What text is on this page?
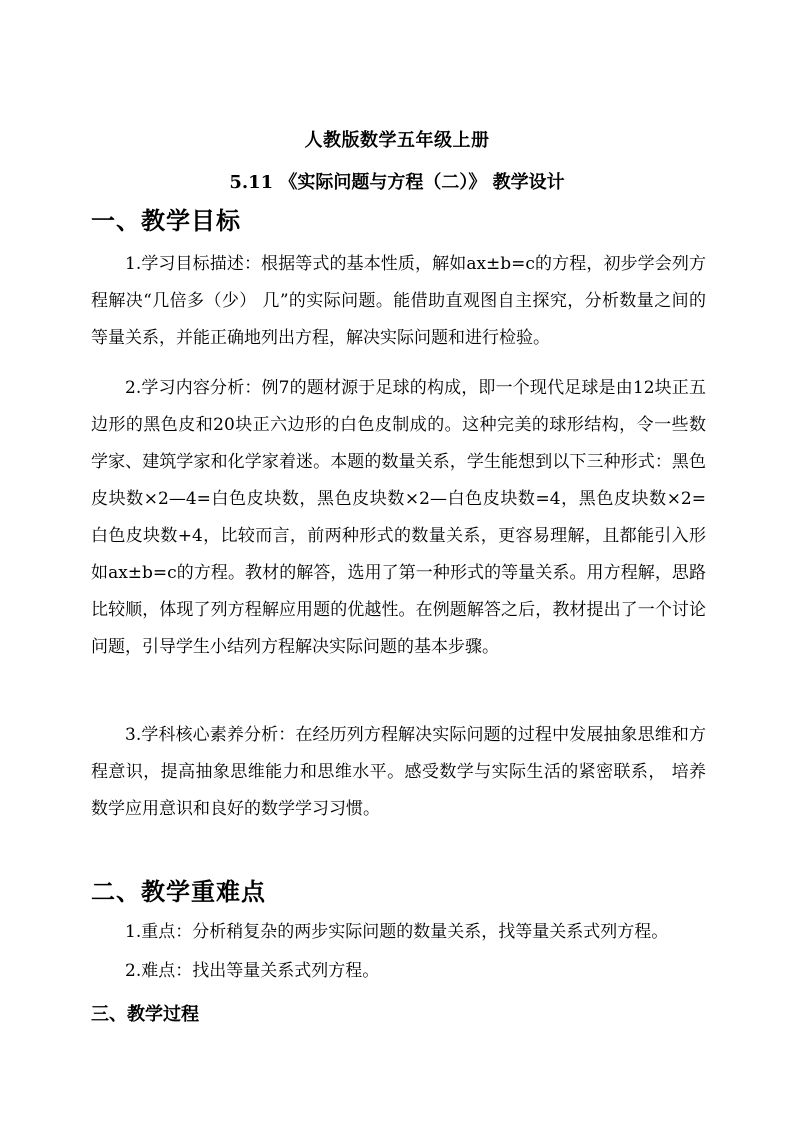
人教版数学五年级上册
5.11 《实际问题与方程（二）》 教学设计
一、教学目标
1.学习目标描述：根据等式的基本性质，解如ax±b=c的方程，初步学会列方程解决“几倍多（少） 几”的实际问题。能借助直观图自主探究，分析数量之间的等量关系，并能正确地列出方程，解决实际问题和进行检验。
2.学习内容分析：例7的题材源于足球的构成，即一个现代足球是由12块正五边形的黑色皮和20块正六边形的白色皮制成的。这种完美的球形结构，令一些数学家、建筑学家和化学家着迷。本题的数量关系，学生能想到以下三种形式：黑色皮块数×2—4=白色皮块数，黑色皮块数×2—白色皮块数=4，黑色皮块数×2= 白色皮块数+4，比较而言，前两种形式的数量关系，更容易理解，且都能引入形如ax±b=c的方程。教材的解答，选用了第一种形式的等量关系。用方程解，思路比较顺，体现了列方程解应用题的优越性。在例题解答之后，教材提出了一个讨论问题，引导学生小结列方程解决实际问题的基本步骤。
3.学科核心素养分析：在经历列方程解决实际问题的过程中发展抽象思维和方程意识，提高抽象思维能力和思维水平。感受数学与实际生活的紧密联系， 培养数学应用意识和良好的数学学习习惯。
二、教学重难点
1.重点：分析稍复杂的两步实际问题的数量关系，找等量关系式列方程。
2.难点：找出等量关系式列方程。
三、教学过程
